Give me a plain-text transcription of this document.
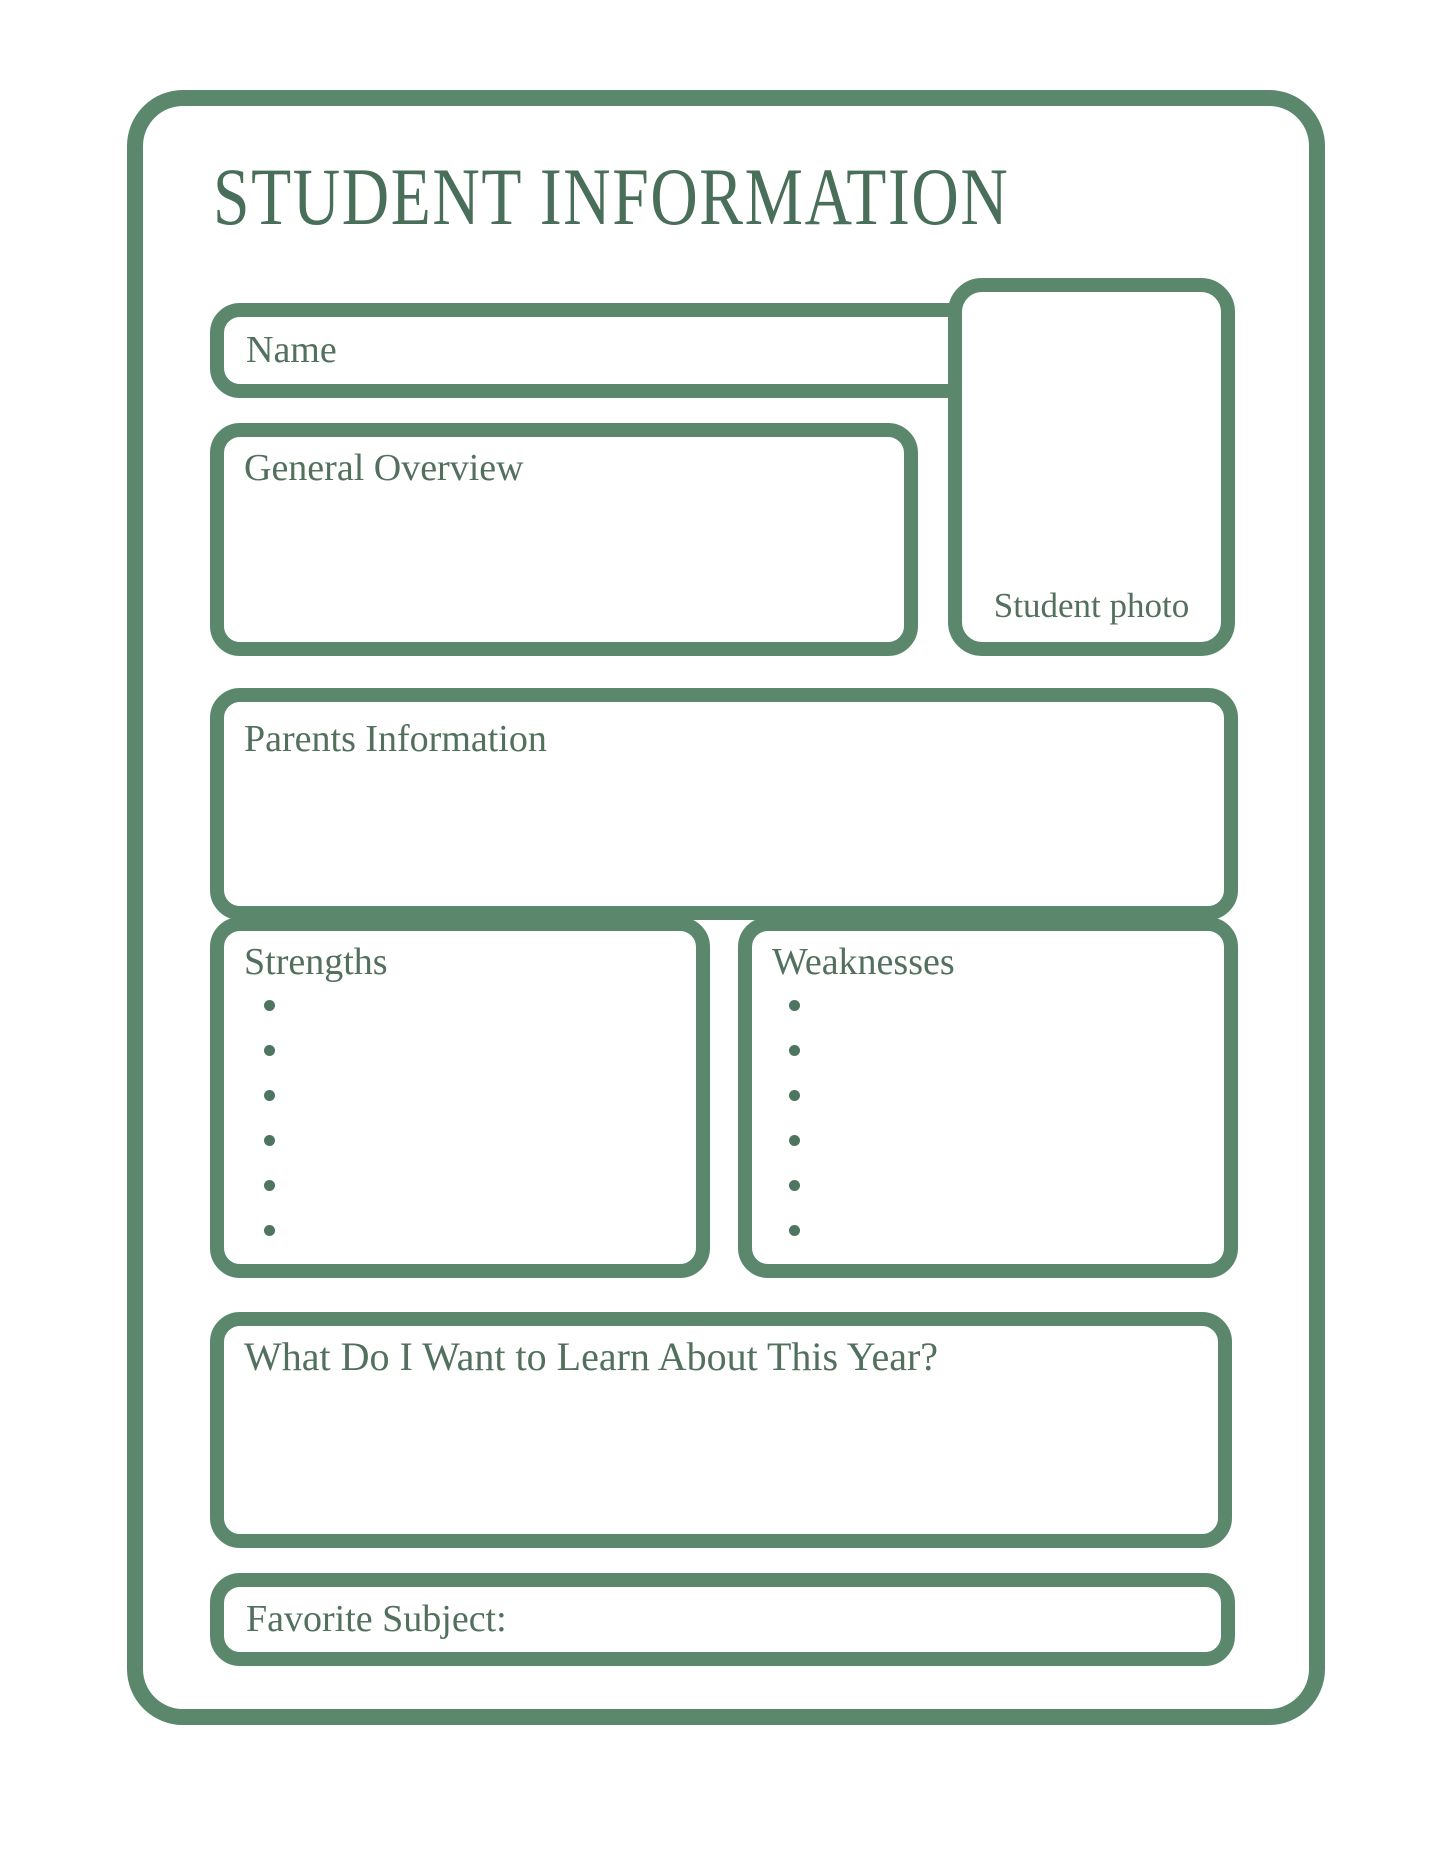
STUDENT INFORMATION
Name
General Overview
Student photo
Parents Information
Strengths	Weaknesses
What Do I Want to Learn About This Year?
Favorite Subject:
